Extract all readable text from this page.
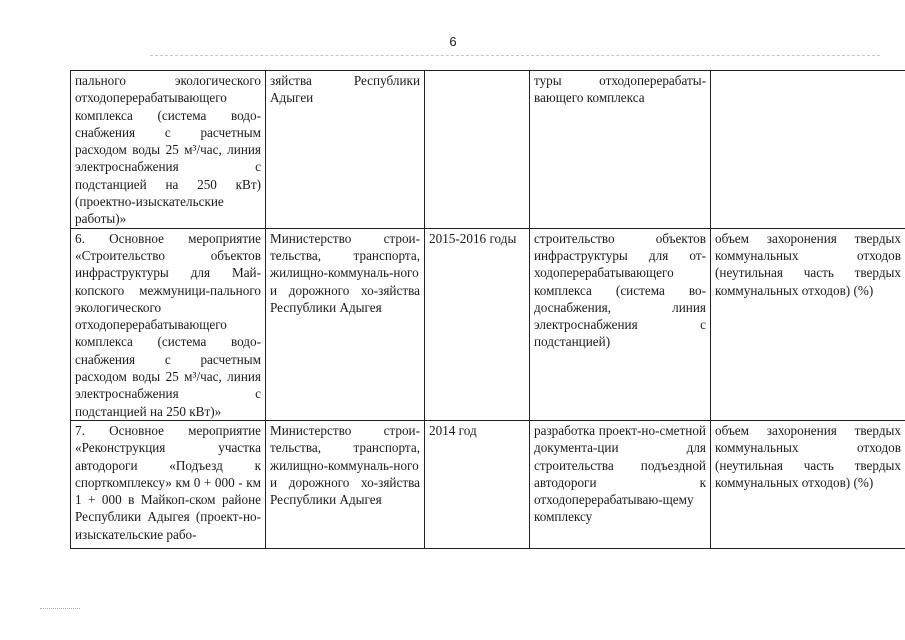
6
пального экологического отходоперерабатывающего комплекса (система водо-снабжения с расчетным расходом воды 25 м³/час, линия электроснабжения с подстанцией на 250 кВт) (проектно-изыскательские работы)»	зяйства Республики Адыгеи		туры отходоперерабаты-вающего комплекса	
6. Основное мероприятие «Строительство объектов инфраструктуры для Май-копского межмуници-пального экологического отходоперерабатывающего комплекса (система водо-снабжения с расчетным расходом воды 25 м³/час, линия электроснабжения с подстанцией на 250 кВт)»	Министерство строи-тельства, транспорта, жилищно-коммуналь-ного и дорожного хо-зяйства Республики Адыгея	2015-2016 годы	строительство объектов инфраструктуры для от-ходоперерабатывающего комплекса (система во-доснабжения, линия электроснабжения с подстанцией)	объем захоронения твердых коммунальных отходов (неутильная часть твердых коммунальных отходов) (%)
7. Основное мероприятие «Реконструкция участка автодороги «Подъезд к спорткомплексу» км 0 + 000 - км 1 + 000 в Майкоп-ском районе Республики Адыгея (проект-но-изыскательские рабо-	Министерство строи-тельства, транспорта, жилищно-коммуналь-ного и дорожного хо-зяйства Республики Адыгея	2014 год	разработка проект-но-сметной документа-ции для строительства подъездной автодороги к отходоперерабатываю-щему комплексу	объем захоронения твердых коммунальных отходов (неутильная часть твердых коммунальных отходов) (%)
